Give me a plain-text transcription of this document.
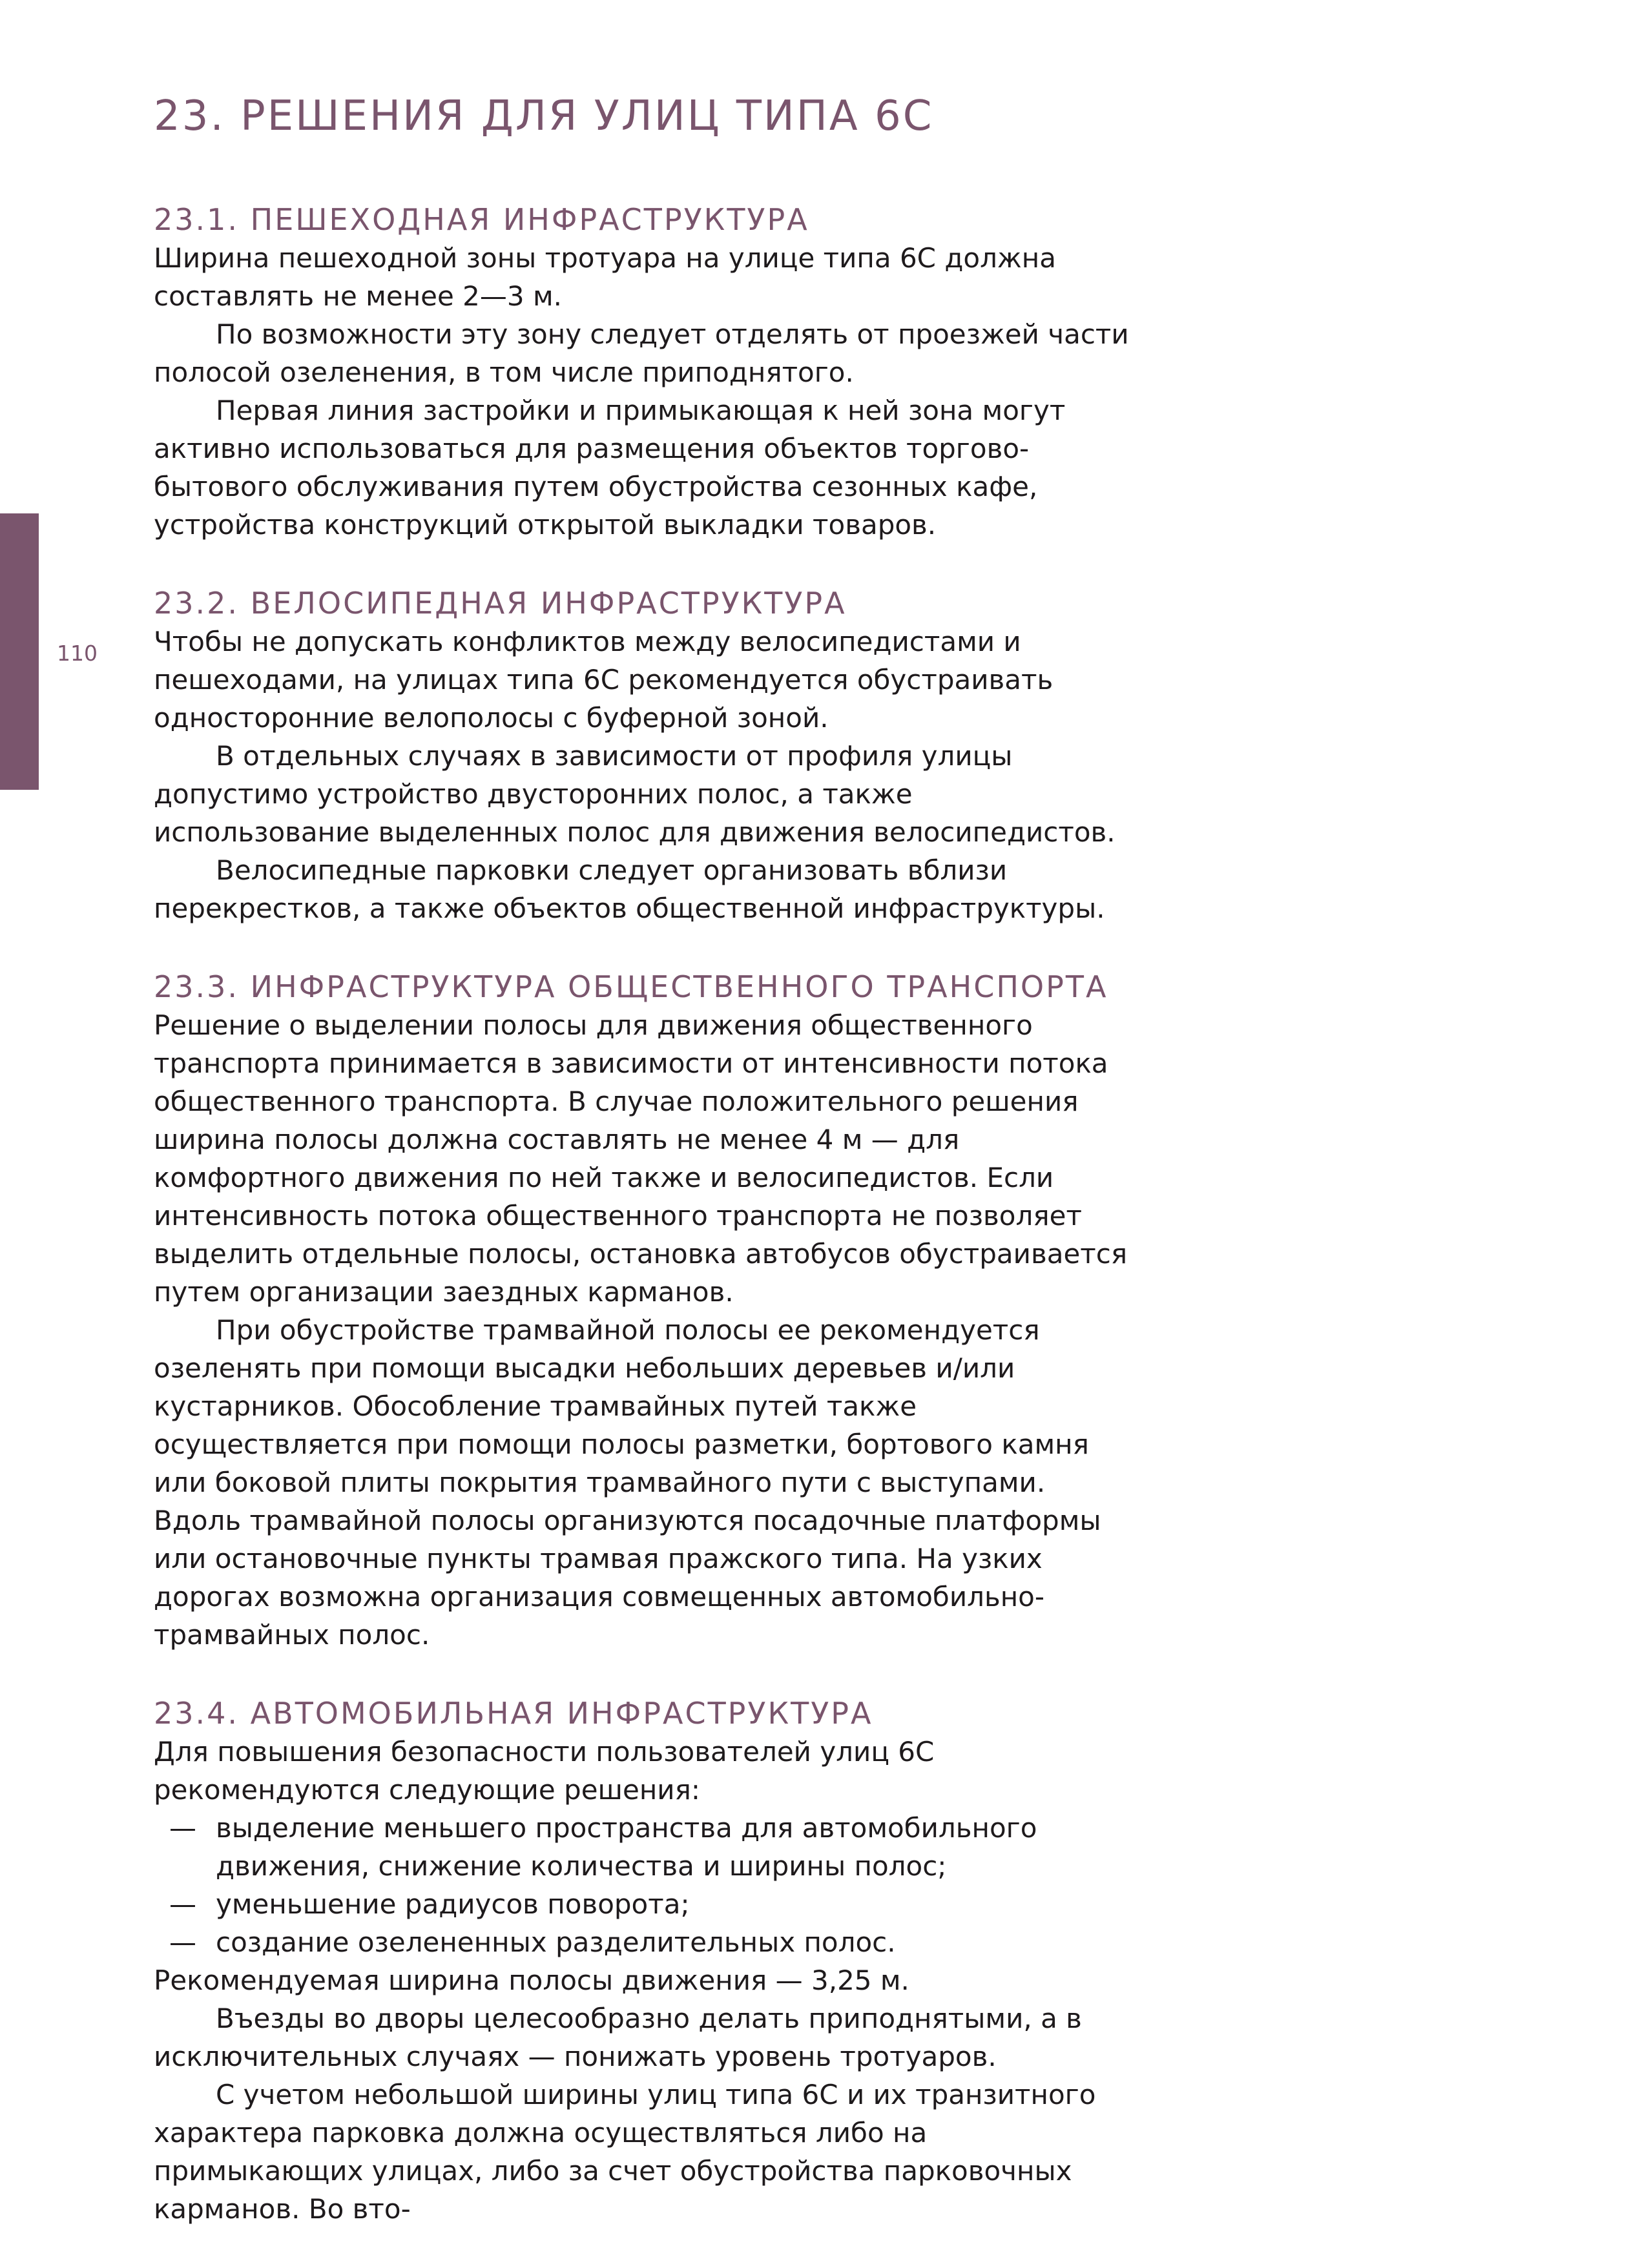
110
23. РЕШЕНИЯ ДЛЯ УЛИЦ ТИПА 6С
23.1. ПЕШЕХОДНАЯ ИНФРАСТРУКТУРА

Ширина пешеходной зоны тротуара на улице типа 6С должна составлять не менее 2—3 м.

По возможности эту зону следует отделять от проезжей части полосой озеленения, в том числе приподнятого.

Первая линия застройки и примыкающая к ней зона могут активно использоваться для размещения объектов торгово-бытового обслуживания путем обустройства сезонных кафе, устройства конструкций открытой выкладки товаров.

23.2. ВЕЛОСИПЕДНАЯ ИНФРАСТРУКТУРА

Чтобы не допускать конфликтов между велосипедистами и пешеходами, на улицах типа 6С рекомендуется обустраивать односторонние велополосы с буферной зоной.

В отдельных случаях в зависимости от профиля улицы допустимо устройство двусторонних полос, а также использование выделенных полос для движения велосипедистов.

Велосипедные парковки следует организовать вблизи перекрестков, а также объектов общественной инфраструктуры.

23.3. ИНФРАСТРУКТУРА ОБЩЕСТВЕННОГО ТРАНСПОРТА

Решение о выделении полосы для движения общественного транспорта принимается в зависимости от интенсивности потока общественного транспорта. В случае положительного решения ширина полосы должна составлять не менее 4 м — для комфортного движения по ней также и велосипедистов. Если интенсивность потока общественного транспорта не позволяет выделить отдельные полосы, остановка автобусов обустраивается путем организации заездных карманов.

При обустройстве трамвайной полосы ее рекомендуется озеленять при помощи высадки небольших деревьев и/или кустарников. Обособление трамвайных путей также осуществляется при помощи полосы разметки, бортового камня или боковой плиты покрытия трамвайного пути с выступами. Вдоль трамвайной полосы организуются посадочные платформы или остановочные пункты трамвая пражского типа. На узких дорогах возможна организация совмещенных автомобильно-трамвайных полос.

23.4. АВТОМОБИЛЬНАЯ ИНФРАСТРУКТУРА

Для повышения безопасности пользователей улиц 6С рекомендуются следующие решения:

— выделение меньшего пространства для автомобильного движения, снижение количества и ширины полос;
— уменьшение радиусов поворота;
— создание озелененных разделительных полос.

Рекомендуемая ширина полосы движения — 3,25 м.

Въезды во дворы целесообразно делать приподнятыми, а в исключительных случаях — понижать уровень тротуаров.

С учетом небольшой ширины улиц типа 6С и их транзитного характера парковка должна осуществляться либо на примыкающих улицах, либо за счет обустройства парковочных карманов. Во вто-
